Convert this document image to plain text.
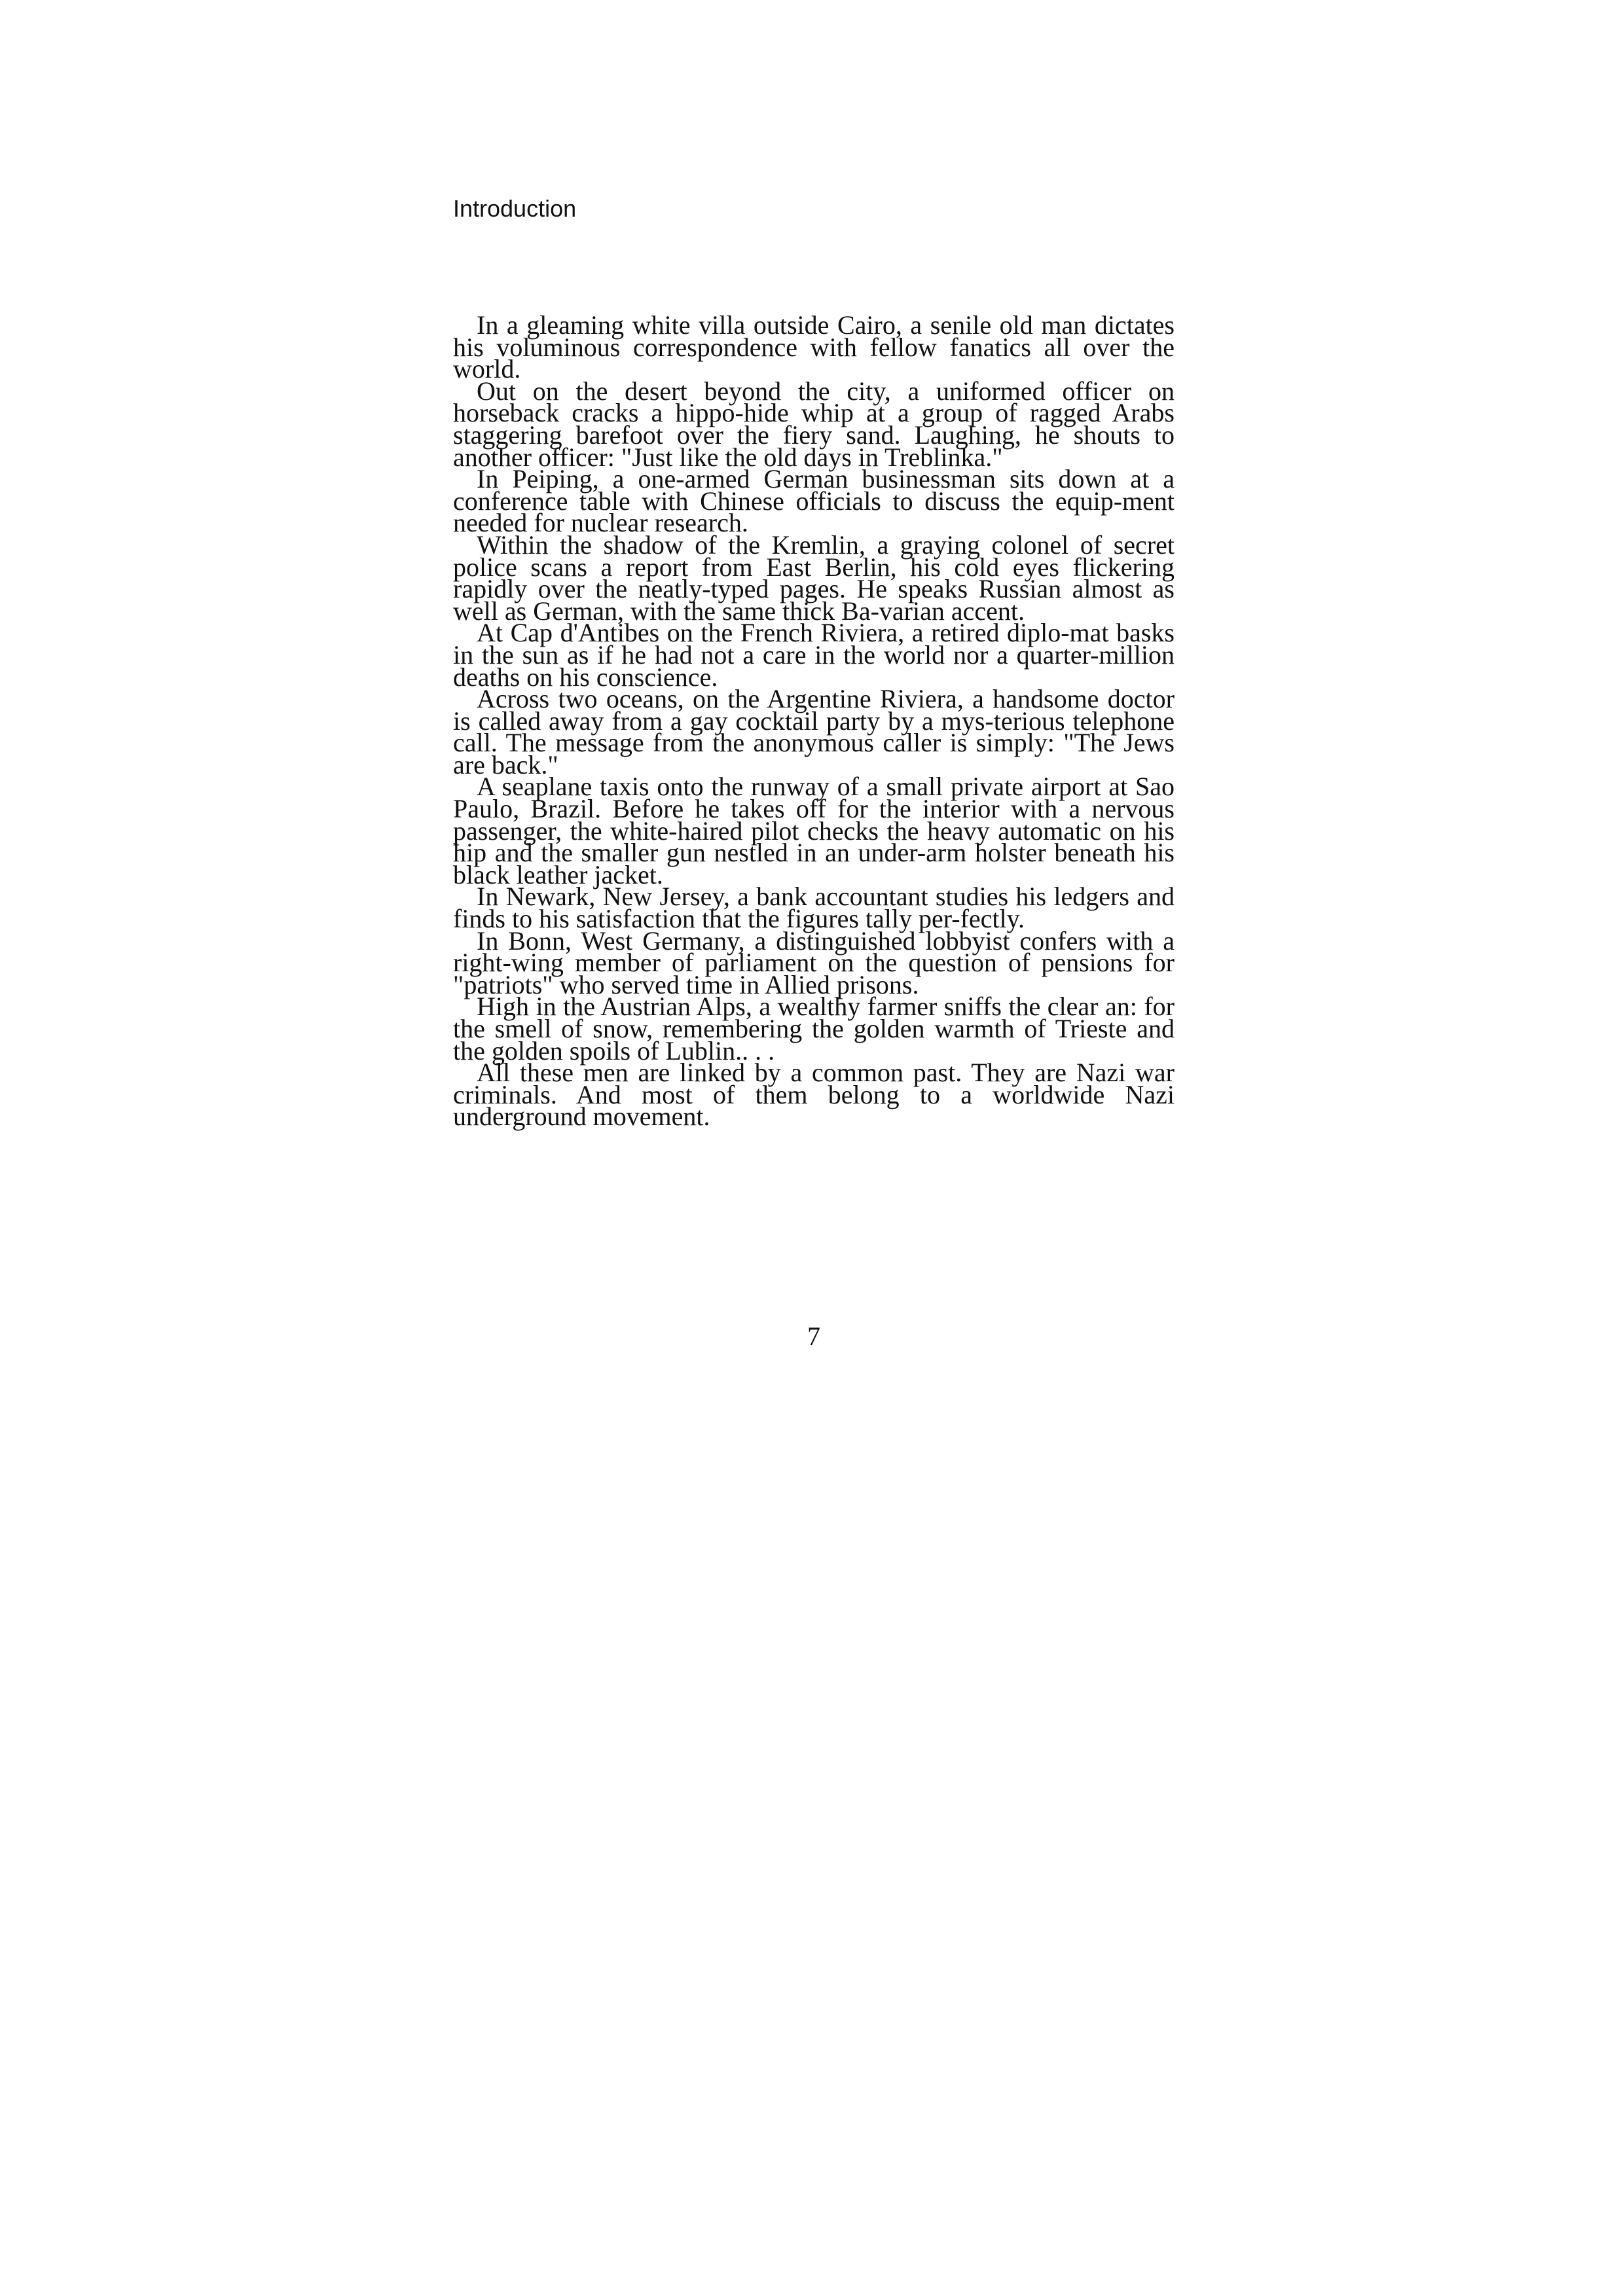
Introduction

In a gleaming white villa outside Cairo, a senile old man dictates his voluminous correspondence with fellow fanatics all over the world.

Out on the desert beyond the city, a uniformed officer on horseback cracks a hippo-hide whip at a group of ragged Arabs staggering barefoot over the fiery sand. Laughing, he shouts to another officer: "Just like the old days in Treblinka."

In Peiping, a one-armed German businessman sits down at a conference table with Chinese officials to discuss the equip-ment needed for nuclear research.

Within the shadow of the Kremlin, a graying colonel of secret police scans a report from East Berlin, his cold eyes flickering rapidly over the neatly-typed pages. He speaks Russian almost as well as German, with the same thick Ba-varian accent.

At Cap d'Antibes on the French Riviera, a retired diplo-mat basks in the sun as if he had not a care in the world nor a quarter-million deaths on his conscience.

Across two oceans, on the Argentine Riviera, a handsome doctor is called away from a gay cocktail party by a mys-terious telephone call. The message from the anonymous caller is simply: "The Jews are back."

A seaplane taxis onto the runway of a small private airport at Sao Paulo, Brazil. Before he takes off for the interior with a nervous passenger, the white-haired pilot checks the heavy automatic on his hip and the smaller gun nestled in an under-arm holster beneath his black leather jacket.

In Newark, New Jersey, a bank accountant studies his ledgers and finds to his satisfaction that the figures tally per-fectly.

In Bonn, West Germany, a distinguished lobbyist confers with a right-wing member of parliament on the question of pensions for "patriots" who served time in Allied prisons.

High in the Austrian Alps, a wealthy farmer sniffs the clear an: for the smell of snow, remembering the golden warmth of Trieste and the golden spoils of Lublin.. . .

All these men are linked by a common past. They are Nazi war criminals. And most of them belong to a worldwide Nazi underground movement.

7
